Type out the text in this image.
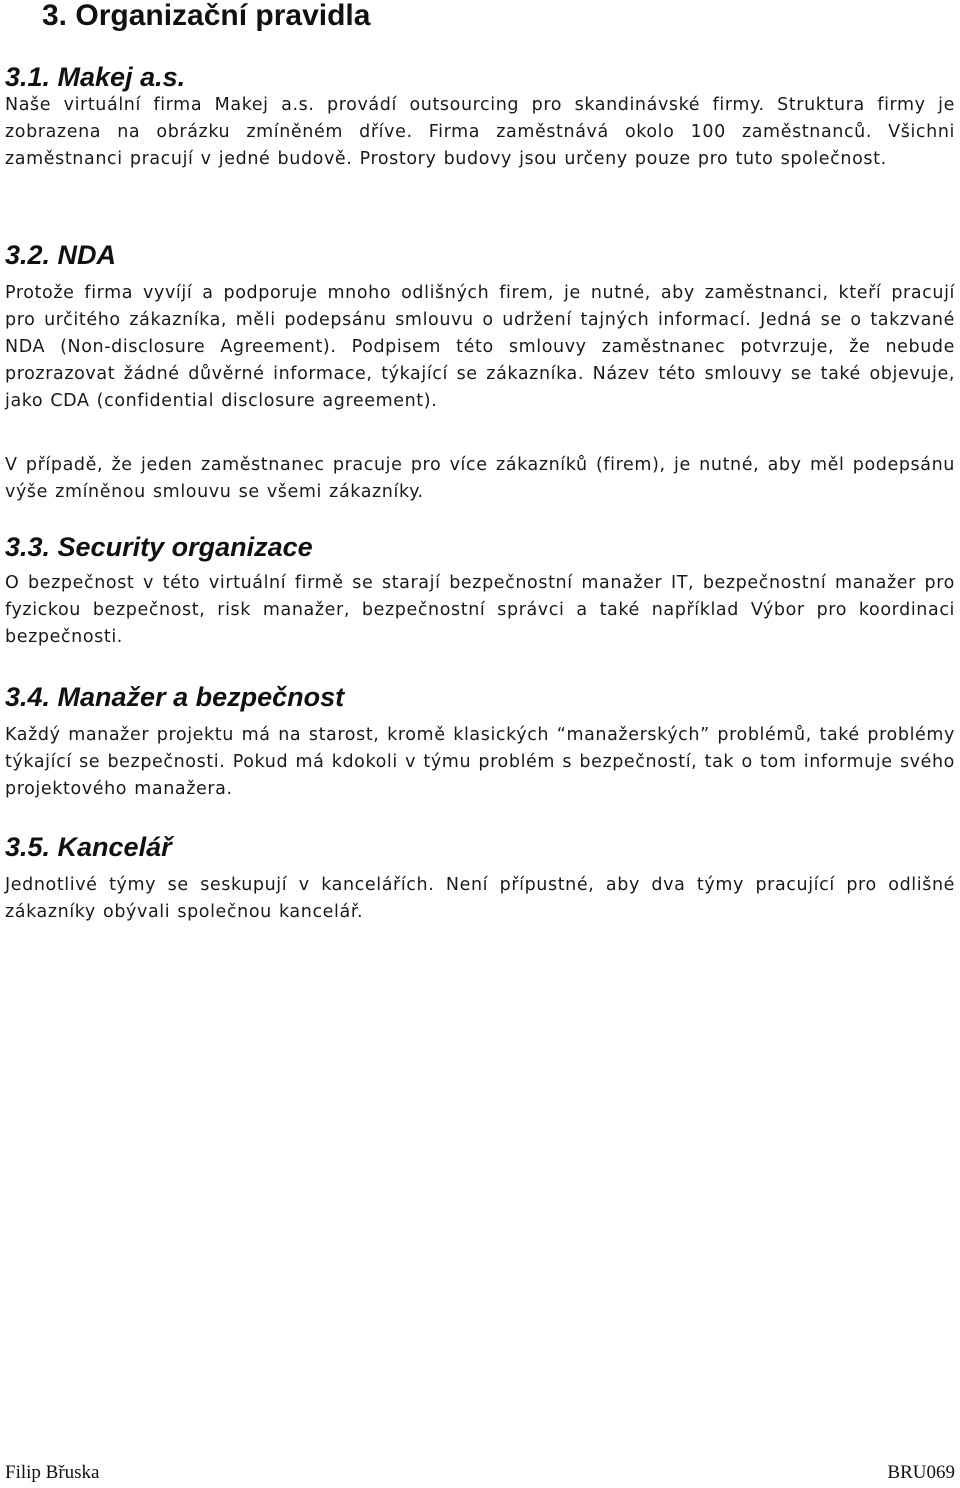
3. Organizační pravidla
3.1. Makej a.s.

Naše virtuální firma Makej a.s. provádí outsourcing pro skandinávské firmy. Struktura firmy je zobrazena na obrázku zmíněném dříve. Firma zaměstnává okolo 100 zaměstnanců. Všichni zaměstnanci pracují v jedné budově. Prostory budovy jsou určeny pouze pro tuto společnost.

3.2. NDA

Protože firma vyvíjí a podporuje mnoho odlišných firem, je nutné, aby zaměstnanci, kteří pracují pro určitého zákazníka, měli podepsánu smlouvu o udržení tajných informací. Jedná se o takzvané NDA (Non-disclosure Agreement). Podpisem této smlouvy zaměstnanec potvrzuje, že nebude prozrazovat žádné důvěrné informace, týkající se zákazníka. Název této smlouvy se také objevuje, jako CDA (confidential disclosure agreement).

V případě, že jeden zaměstnanec pracuje pro více zákazníků (firem), je nutné, aby měl podepsánu výše zmíněnou smlouvu se všemi zákazníky.

3.3. Security organizace

O bezpečnost v této virtuální firmě se starají bezpečnostní manažer IT, bezpečnostní manažer pro fyzickou bezpečnost, risk manažer, bezpečnostní správci a také například Výbor pro koordinaci bezpečnosti.

3.4. Manažer a bezpečnost

Každý manažer projektu má na starost, kromě klasických “manažerských” problémů, také problémy týkající se bezpečnosti. Pokud má kdokoli v týmu problém s bezpečností, tak o tom informuje svého projektového manažera.

3.5. Kancelář

Jednotlivé týmy se seskupují v kancelářích. Není přípustné, aby dva týmy pracující pro odlišné zákazníky obývali společnou kancelář.

Filip Břuska	BRU069
